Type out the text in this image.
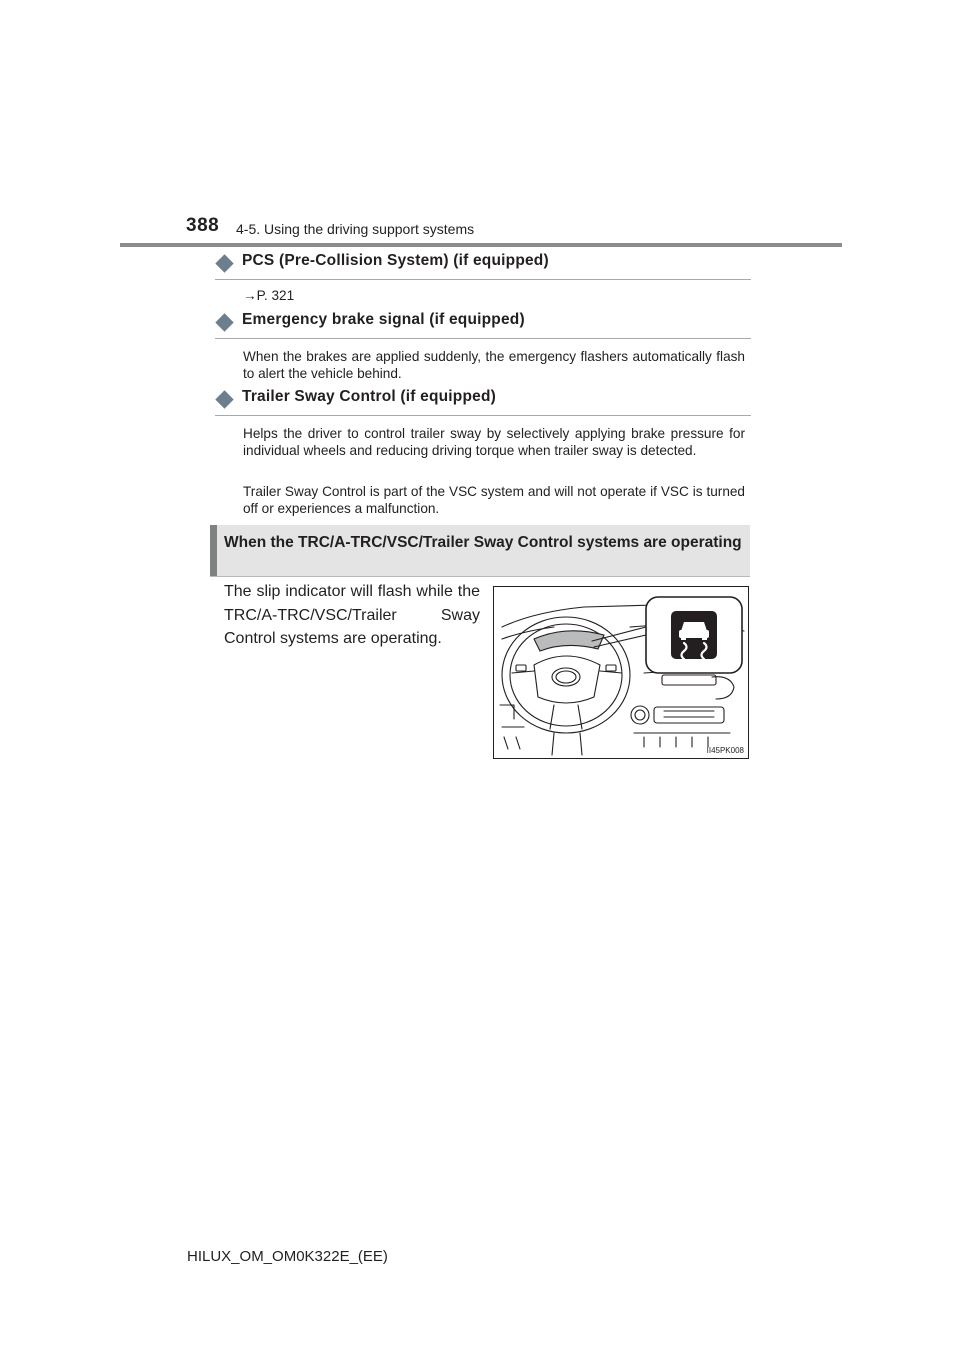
388 4-5. Using the driving support systems
PCS (Pre-Collision System) (if equipped)

→P. 321

Emergency brake signal (if equipped)

When the brakes are applied suddenly, the emergency flashers automatically flash to alert the vehicle behind.

Trailer Sway Control (if equipped)

Helps the driver to control trailer sway by selectively applying brake pressure for individual wheels and reducing driving torque when trailer sway is detected.

Trailer Sway Control is part of the VSC system and will not operate if VSC is turned off or experiences a malfunction.

When the TRC/A-TRC/VSC/Trailer Sway Control systems are operating
The slip indicator will flash while the TRC/A-TRC/VSC/Trailer Sway Control systems are operating.
II45PK008
HILUX_OM_OM0K322E_(EE)
